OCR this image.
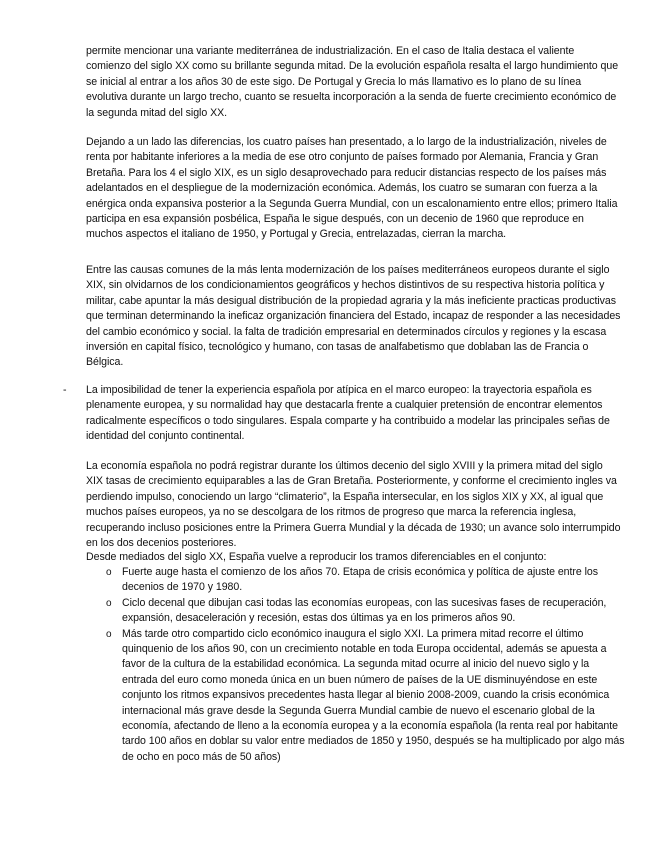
permite mencionar una variante mediterránea de industrialización. En el caso de Italia destaca el valiente comienzo del siglo XX como su brillante segunda mitad. De la evolución española resalta el largo hundimiento que se inicial al entrar a los años 30 de este sigo. De Portugal y Grecia lo más llamativo es lo plano de su línea evolutiva durante un largo trecho, cuanto se resuelta incorporación a la senda de fuerte crecimiento económico de la segunda mitad del siglo XX.

Dejando a un lado las diferencias, los cuatro países han presentado, a lo largo de la industrialización, niveles de renta por habitante inferiores a la media de ese otro conjunto de países formado por Alemania, Francia y Gran Bretaña. Para los 4 el siglo XIX, es un siglo desaprovechado para reducir distancias respecto de los países más adelantados en el despliegue de la modernización económica. Además, los cuatro se sumaran con fuerza a la enérgica onda expansiva posterior a la Segunda Guerra Mundial, con un escalonamiento entre ellos; primero Italia participa en esa expansión posbélica, España le sigue después, con un decenio de 1960 que reproduce en muchos aspectos el italiano de 1950, y Portugal y Grecia, entrelazadas, cierran la marcha.

Entre las causas comunes de la más lenta modernización de los países mediterráneos europeos durante el siglo XIX, sin olvidarnos de los condicionamientos geográficos y hechos distintivos de su respectiva historia política y militar, cabe apuntar la más desigual distribución de la propiedad agraria y la más ineficiente practicas productivas que terminan determinando la ineficaz organización financiera del Estado, incapaz de responder a las necesidades del cambio económico y social. la falta de tradición empresarial en determinados círculos y regiones y la escasa inversión en capital físico, tecnológico y humano, con tasas de analfabetismo que doblaban las de Francia o Bélgica.

- La imposibilidad de tener la experiencia española por atípica en el marco europeo: la trayectoria española es plenamente europea, y su normalidad hay que destacarla frente a cualquier pretensión de encontrar elementos radicalmente específicos o todo singulares. Espala comparte y ha contribuido a modelar las principales señas de identidad del conjunto continental.

La economía española no podrá registrar durante los últimos decenio del siglo XVIII y la primera mitad del siglo XIX tasas de crecimiento equiparables a las de Gran Bretaña. Posteriormente, y conforme el crecimiento ingles va perdiendo impulso, conociendo un largo “climaterio”, la España intersecular, en los siglos XIX y XX, al igual que muchos países europeos, ya no se descolgara de los ritmos de progreso que marca la referencia inglesa, recuperando incluso posiciones entre la Primera Guerra Mundial y la década de 1930; un avance solo interrumpido en los dos decenios posteriores.

Desde mediados del siglo XX, España vuelve a reproducir los tramos diferenciables en el conjunto:

o Fuerte auge hasta el comienzo de los años 70. Etapa de crisis económica y política de ajuste entre los decenios de 1970 y 1980.
o Ciclo decenal que dibujan casi todas las economías europeas, con las sucesivas fases de recuperación, expansión, desaceleración y recesión, estas dos últimas ya en los primeros años 90.
o Más tarde otro compartido ciclo económico inaugura el siglo XXI. La primera mitad recorre el último quinquenio de los años 90, con un crecimiento notable en toda Europa occidental, además se apuesta a favor de la cultura de la estabilidad económica. La segunda mitad ocurre al inicio del nuevo siglo y la entrada del euro como moneda única en un buen número de países de la UE disminuyéndose en este conjunto los ritmos expansivos precedentes hasta llegar al bienio 2008-2009, cuando la crisis económica internacional más grave desde la Segunda Guerra Mundial cambie de nuevo el escenario global de la economía, afectando de lleno a la economía europea y a la economía española (la renta real por habitante tardo 100 años en doblar su valor entre mediados de 1850 y 1950, después se ha multiplicado por algo más de ocho en poco más de 50 años)
